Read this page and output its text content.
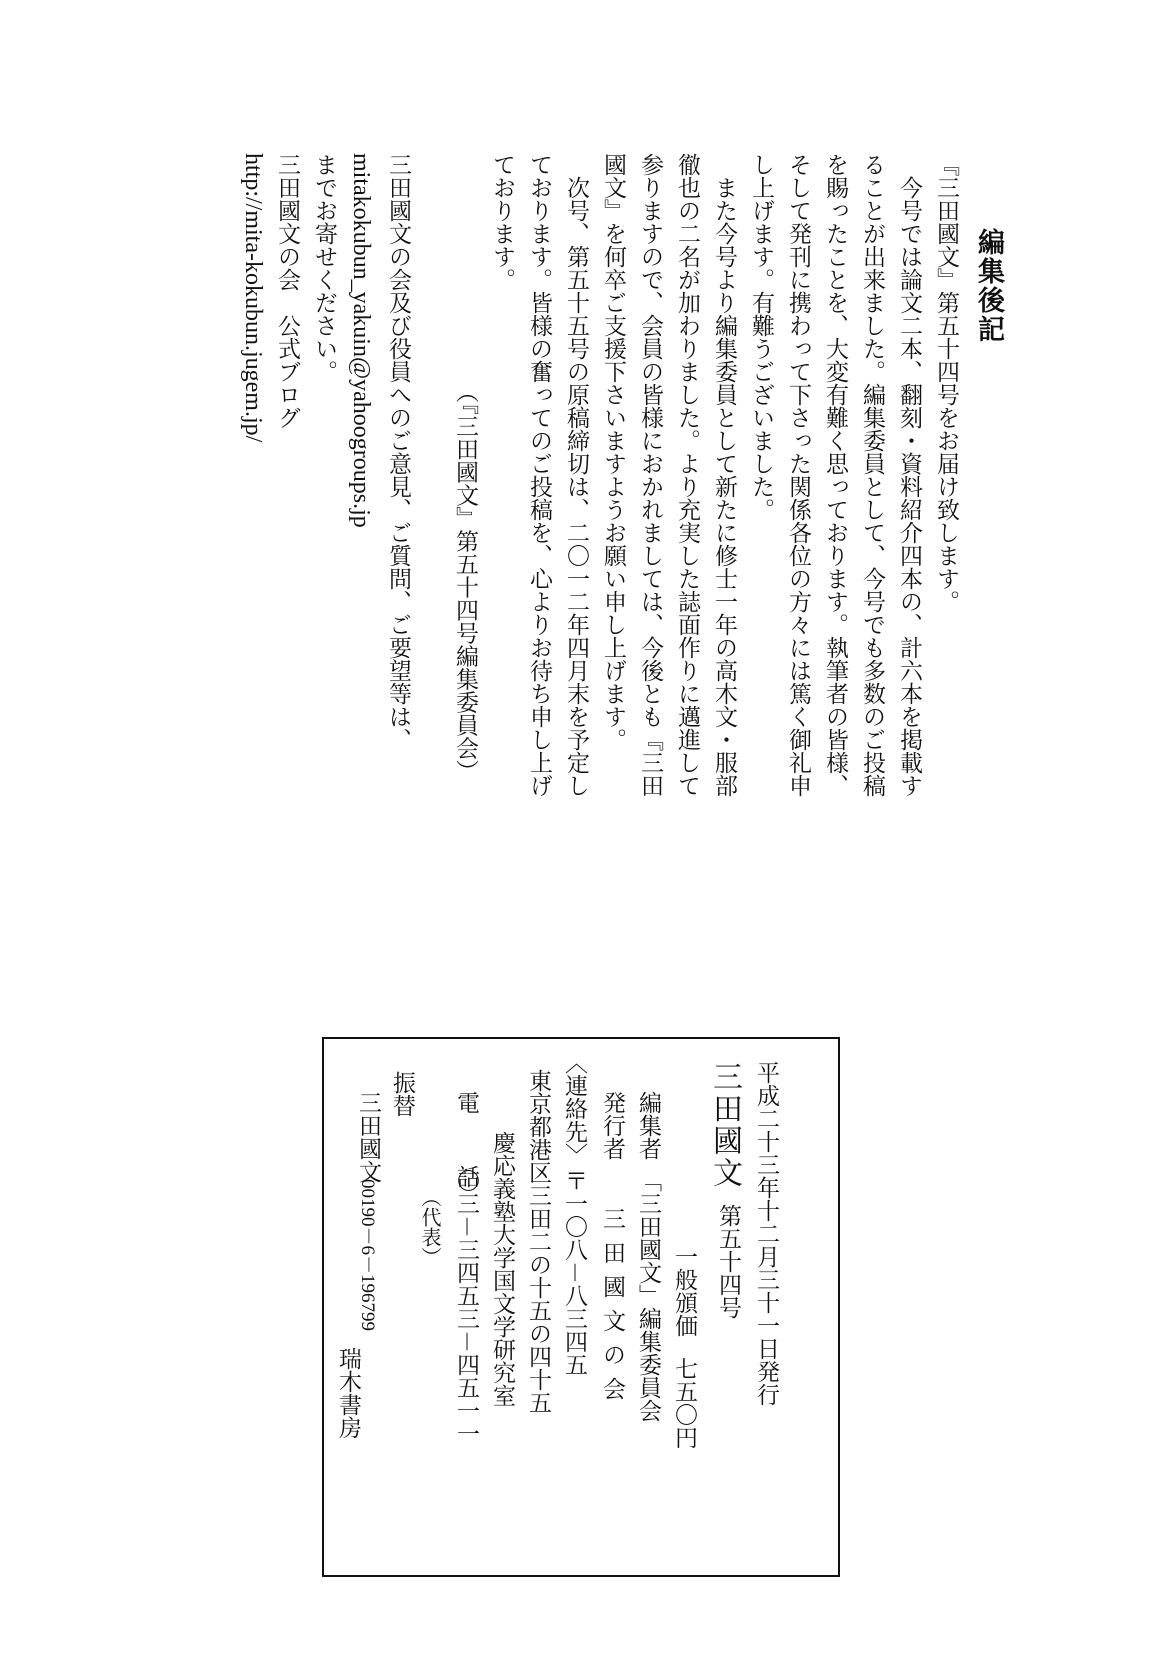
編集後記
『三田國文』第五十四号をお届け致します。
　今号では論文二本、翻刻・資料紹介四本の、計六本を掲載す
ることが出来ました。編集委員として、今号でも多数のご投稿
を賜ったことを、大変有難く思っております。執筆者の皆様、
そして発刊に携わって下さった関係各位の方々には篤く御礼申
し上げます。有難うございました。
　また今号より編集委員として新たに修士一年の高木文・服部
徹也の二名が加わりました。より充実した誌面作りに邁進して
参りますので、会員の皆様におかれましては、今後とも『三田
國文』を何卒ご支援下さいますようお願い申し上げます。
　次号、第五十五号の原稿締切は、二〇一二年四月末を予定し
ております。皆様の奮ってのご投稿を、心よりお待ち申し上げ
ております。
（『三田國文』第五十四号編集委員会）
三田國文の会及び役員へのご意見、ご質問、ご要望等は、
mitakokubun_yakuin@yahoogroups.jp
までお寄せください。
三田國文の会　公式ブログ
http://mita-kokubun.jugem.jp/
平成二十三年十二月三十一日発行
三田國文
第五十四号
一般頒価
七五〇円
編集者
「三田國文」編集委員会
発行者
三田國文の会
〈連絡先〉
〒一〇八－八三四五
東京都港区三田二の十五の四十五
慶応義塾大学国文学研究室
電　話
〇三－三四五三－四五一一
（代表）
振替
三田國文
00190－6－196799
瑞木書房
